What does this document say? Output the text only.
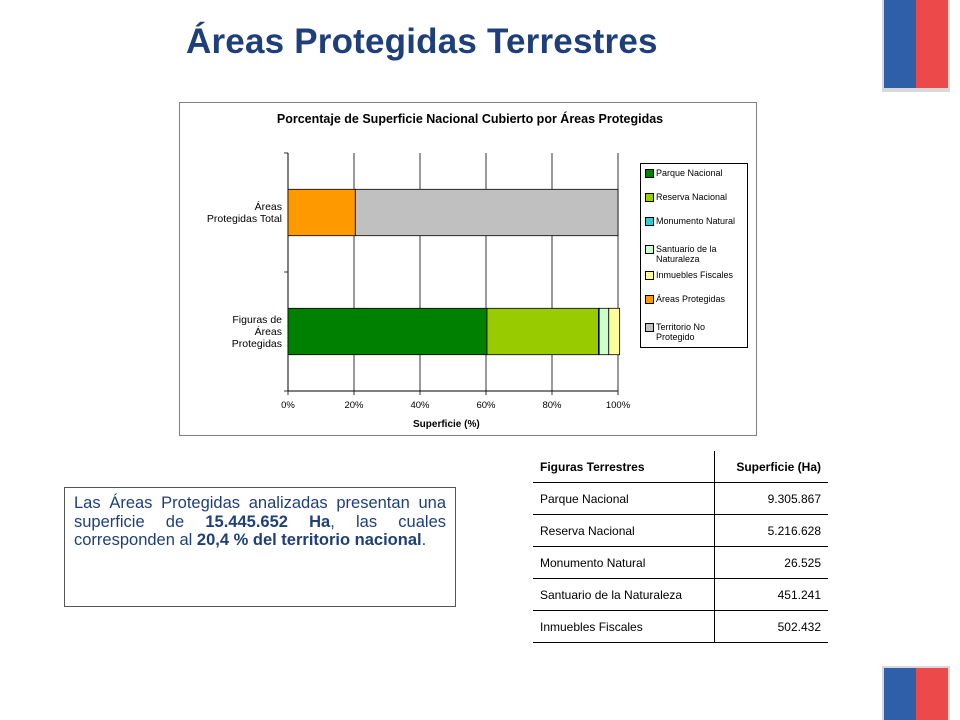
Áreas Protegidas Terrestres
Porcentaje de Superficie Nacional Cubierto por Áreas Protegidas
Áreas
Protegidas Total
Figuras de
Áreas
Protegidas
0%	20%	40%	60%	80%	100%
Superficie (%)
Parque Nacional
Reserva Nacional
Monumento Natural
Santuario de la
Naturaleza
Inmuebles Fiscales
Áreas Protegidas
Territorio No
Protegido
Las Áreas Protegidas analizadas presentan una superficie de 15.445.652 Ha, las cuales corresponden al 20,4 % del territorio nacional.
Figuras Terrestres	Superficie (Ha)
Parque Nacional	9.305.867
Reserva Nacional	5.216.628
Monumento Natural	26.525
Santuario de la Naturaleza	451.241
Inmuebles Fiscales	502.432
